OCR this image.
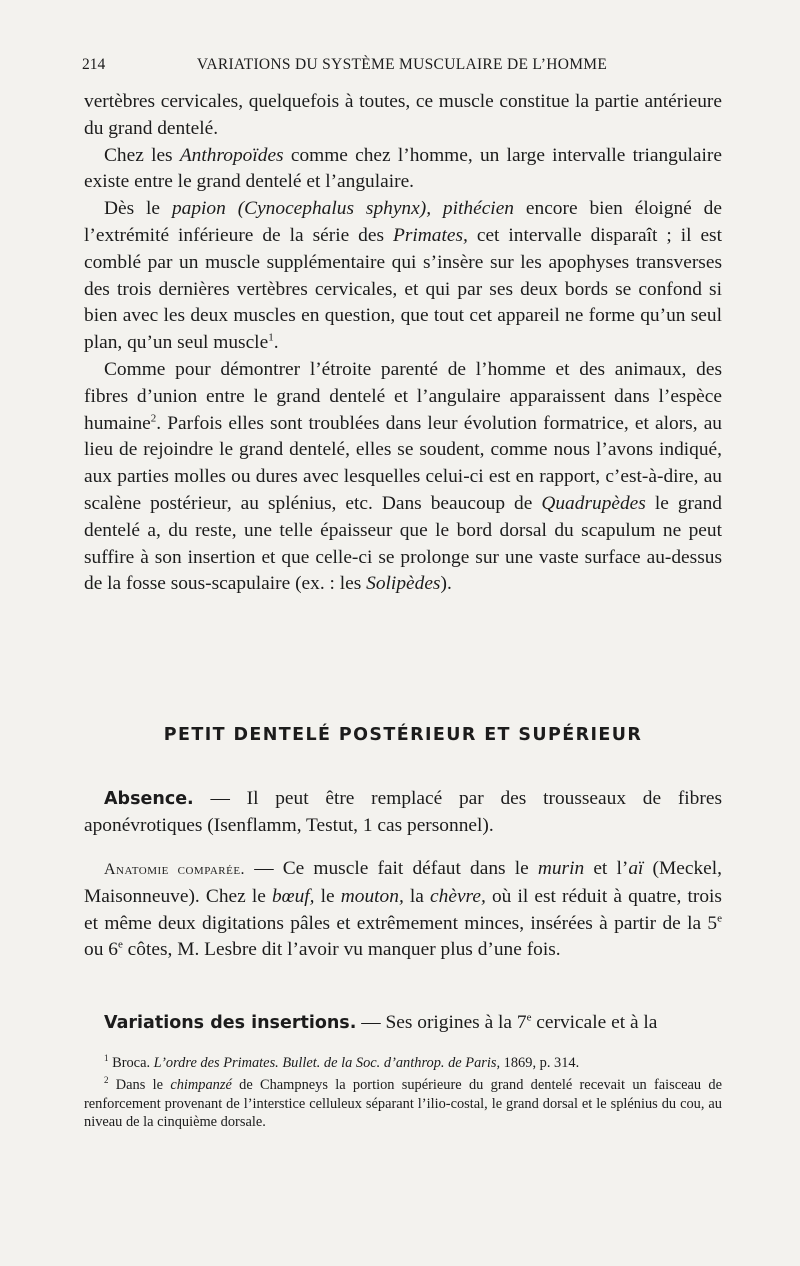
214	VARIATIONS DU SYSTÈME MUSCULAIRE DE L’HOMME

vertèbres cervicales, quelquefois à toutes, ce muscle constitue la partie antérieure du grand dentelé.

Chez les Anthropoïdes comme chez l’homme, un large intervalle triangulaire existe entre le grand dentelé et l’angulaire.

Dès le papion (Cynocephalus sphynx), pithécien encore bien éloigné de l’extrémité inférieure de la série des Primates, cet intervalle disparaît ; il est comblé par un muscle supplémentaire qui s’insère sur les apophyses transverses des trois dernières vertèbres cervicales, et qui par ses deux bords se confond si bien avec les deux muscles en question, que tout cet appareil ne forme qu’un seul plan, qu’un seul muscle$^1$.

Comme pour démontrer l’étroite parenté de l’homme et des animaux, des fibres d’union entre le grand dentelé et l’angulaire apparaissent dans l’espèce humaine$^2$. Parfois elles sont troublées dans leur évolution formatrice, et alors, au lieu de rejoindre le grand dentelé, elles se soudent, comme nous l’avons indiqué, aux parties molles ou dures avec lesquelles celui-ci est en rapport, c’est-à-dire, au scalène postérieur, au splénius, etc. Dans beaucoup de Quadrupèdes le grand dentelé a, du reste, une telle épaisseur que le bord dorsal du scapulum ne peut suffire à son insertion et que celle-ci se prolonge sur une vaste surface au-dessus de la fosse sous-scapulaire (ex. : les Solipèdes).

PETIT DENTELÉ POSTÉRIEUR ET SUPÉRIEUR

Absence. — Il peut être remplacé par des trousseaux de fibres aponévrotiques (Isenflamm, Testut, 1 cas personnel).

Anatomie comparée. — Ce muscle fait défaut dans le murin et l’aï (Meckel, Maisonneuve). Chez le bœuf, le mouton, la chèvre, où il est réduit à quatre, trois et même deux digitations pâles et extrêmement minces, insérées à partir de la 5e ou 6e côtes, M. Lesbre dit l’avoir vu manquer plus d’une fois.

Variations des insertions. — Ses origines à la 7e cervicale et à la

$^1$ Broca. L’ordre des Primates. Bullet. de la Soc. d’anthrop. de Paris, 1869, p. 314.

$^2$ Dans le chimpanzé de Champneys la portion supérieure du grand dentelé recevait un faisceau de renforcement provenant de l’interstice celluleux séparant l’ilio-costal, le grand dorsal et le splénius du cou, au niveau de la cinquième dorsale.
